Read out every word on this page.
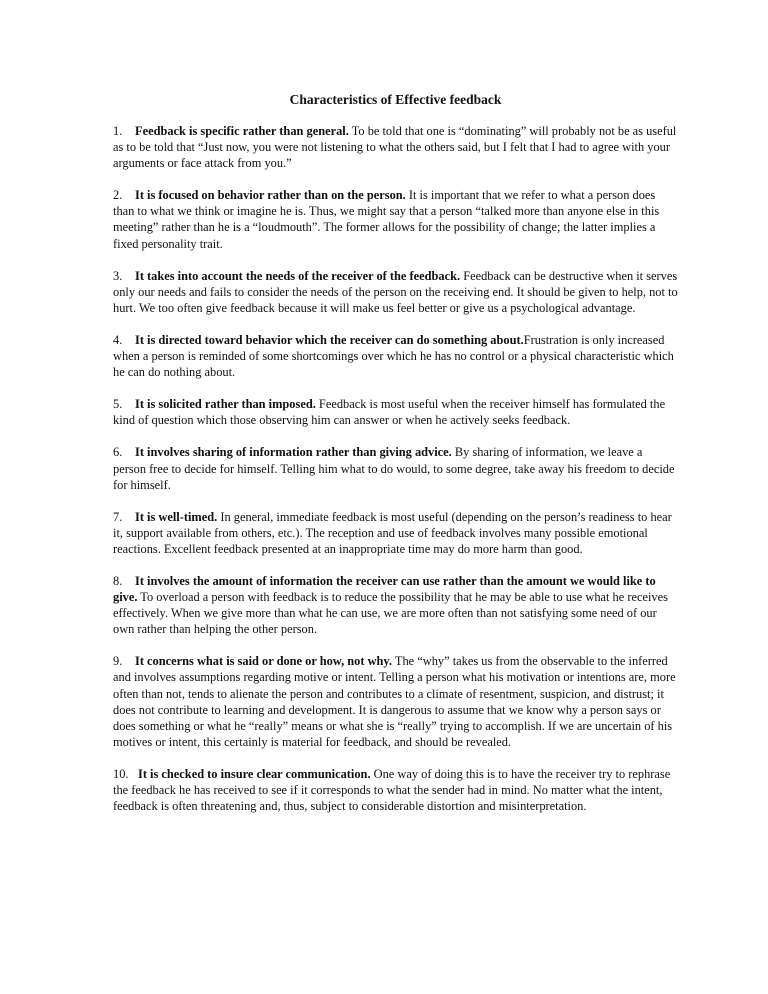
Characteristics of Effective feedback

1. Feedback is specific rather than general. To be told that one is “dominating” will probably not be as useful as to be told that “Just now, you were not listening to what the others said, but I felt that I had to agree with your arguments or face attack from you.”

2. It is focused on behavior rather than on the person. It is important that we refer to what a person does than to what we think or imagine he is. Thus, we might say that a person “talked more than anyone else in this meeting” rather than he is a “loudmouth”. The former allows for the possibility of change; the latter implies a fixed personality trait.

3. It takes into account the needs of the receiver of the feedback. Feedback can be destructive when it serves only our needs and fails to consider the needs of the person on the receiving end. It should be given to help, not to hurt. We too often give feedback because it will make us feel better or give us a psychological advantage.

4. It is directed toward behavior which the receiver can do something about.Frustration is only increased when a person is reminded of some shortcomings over which he has no control or a physical characteristic which he can do nothing about.

5. It is solicited rather than imposed. Feedback is most useful when the receiver himself has formulated the kind of question which those observing him can answer or when he actively seeks feedback.

6. It involves sharing of information rather than giving advice. By sharing of information, we leave a person free to decide for himself. Telling him what to do would, to some degree, take away his freedom to decide for himself.

7. It is well-timed. In general, immediate feedback is most useful (depending on the person’s readiness to hear it, support available from others, etc.). The reception and use of feedback involves many possible emotional reactions. Excellent feedback presented at an inappropriate time may do more harm than good.

8. It involves the amount of information the receiver can use rather than the amount we would like to give. To overload a person with feedback is to reduce the possibility that he may be able to use what he receives effectively. When we give more than what he can use, we are more often than not satisfying some need of our own rather than helping the other person.

9. It concerns what is said or done or how, not why. The “why” takes us from the observable to the inferred and involves assumptions regarding motive or intent. Telling a person what his motivation or intentions are, more often than not, tends to alienate the person and contributes to a climate of resentment, suspicion, and distrust; it does not contribute to learning and development. It is dangerous to assume that we know why a person says or does something or what he “really” means or what she is “really” trying to accomplish. If we are uncertain of his motives or intent, this certainly is material for feedback, and should be revealed.

10. It is checked to insure clear communication. One way of doing this is to have the receiver try to rephrase the feedback he has received to see if it corresponds to what the sender had in mind. No matter what the intent, feedback is often threatening and, thus, subject to considerable distortion and misinterpretation.
